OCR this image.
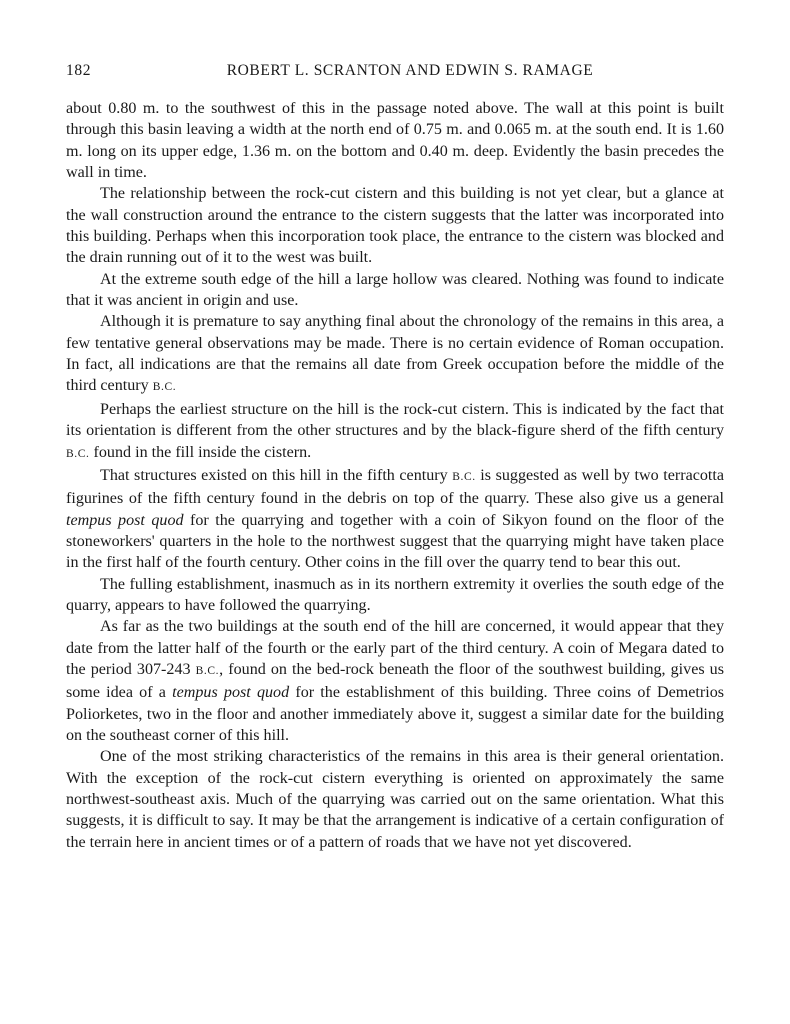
182	ROBERT L. SCRANTON AND EDWIN S. RAMAGE

about 0.80 m. to the southwest of this in the passage noted above. The wall at this point is built through this basin leaving a width at the north end of 0.75 m. and 0.065 m. at the south end. It is 1.60 m. long on its upper edge, 1.36 m. on the bottom and 0.40 m. deep. Evidently the basin precedes the wall in time.

The relationship between the rock-cut cistern and this building is not yet clear, but a glance at the wall construction around the entrance to the cistern suggests that the latter was incorporated into this building. Perhaps when this incorporation took place, the entrance to the cistern was blocked and the drain running out of it to the west was built.

At the extreme south edge of the hill a large hollow was cleared. Nothing was found to indicate that it was ancient in origin and use.

Although it is premature to say anything final about the chronology of the remains in this area, a few tentative general observations may be made. There is no certain evidence of Roman occupation. In fact, all indications are that the remains all date from Greek occupation before the middle of the third century B.C.

Perhaps the earliest structure on the hill is the rock-cut cistern. This is indicated by the fact that its orientation is different from the other structures and by the black-figure sherd of the fifth century B.C. found in the fill inside the cistern.

That structures existed on this hill in the fifth century B.C. is suggested as well by two terracotta figurines of the fifth century found in the debris on top of the quarry. These also give us a general tempus post quod for the quarrying and together with a coin of Sikyon found on the floor of the stoneworkers' quarters in the hole to the northwest suggest that the quarrying might have taken place in the first half of the fourth century. Other coins in the fill over the quarry tend to bear this out.

The fulling establishment, inasmuch as in its northern extremity it overlies the south edge of the quarry, appears to have followed the quarrying.

As far as the two buildings at the south end of the hill are concerned, it would appear that they date from the latter half of the fourth or the early part of the third century. A coin of Megara dated to the period 307-243 B.C., found on the bed-rock beneath the floor of the southwest building, gives us some idea of a tempus post quod for the establishment of this building. Three coins of Demetrios Poliorketes, two in the floor and another immediately above it, suggest a similar date for the building on the southeast corner of this hill.

One of the most striking characteristics of the remains in this area is their general orientation. With the exception of the rock-cut cistern everything is oriented on approximately the same northwest-southeast axis. Much of the quarrying was carried out on the same orientation. What this suggests, it is difficult to say. It may be that the arrangement is indicative of a certain configuration of the terrain here in ancient times or of a pattern of roads that we have not yet discovered.
